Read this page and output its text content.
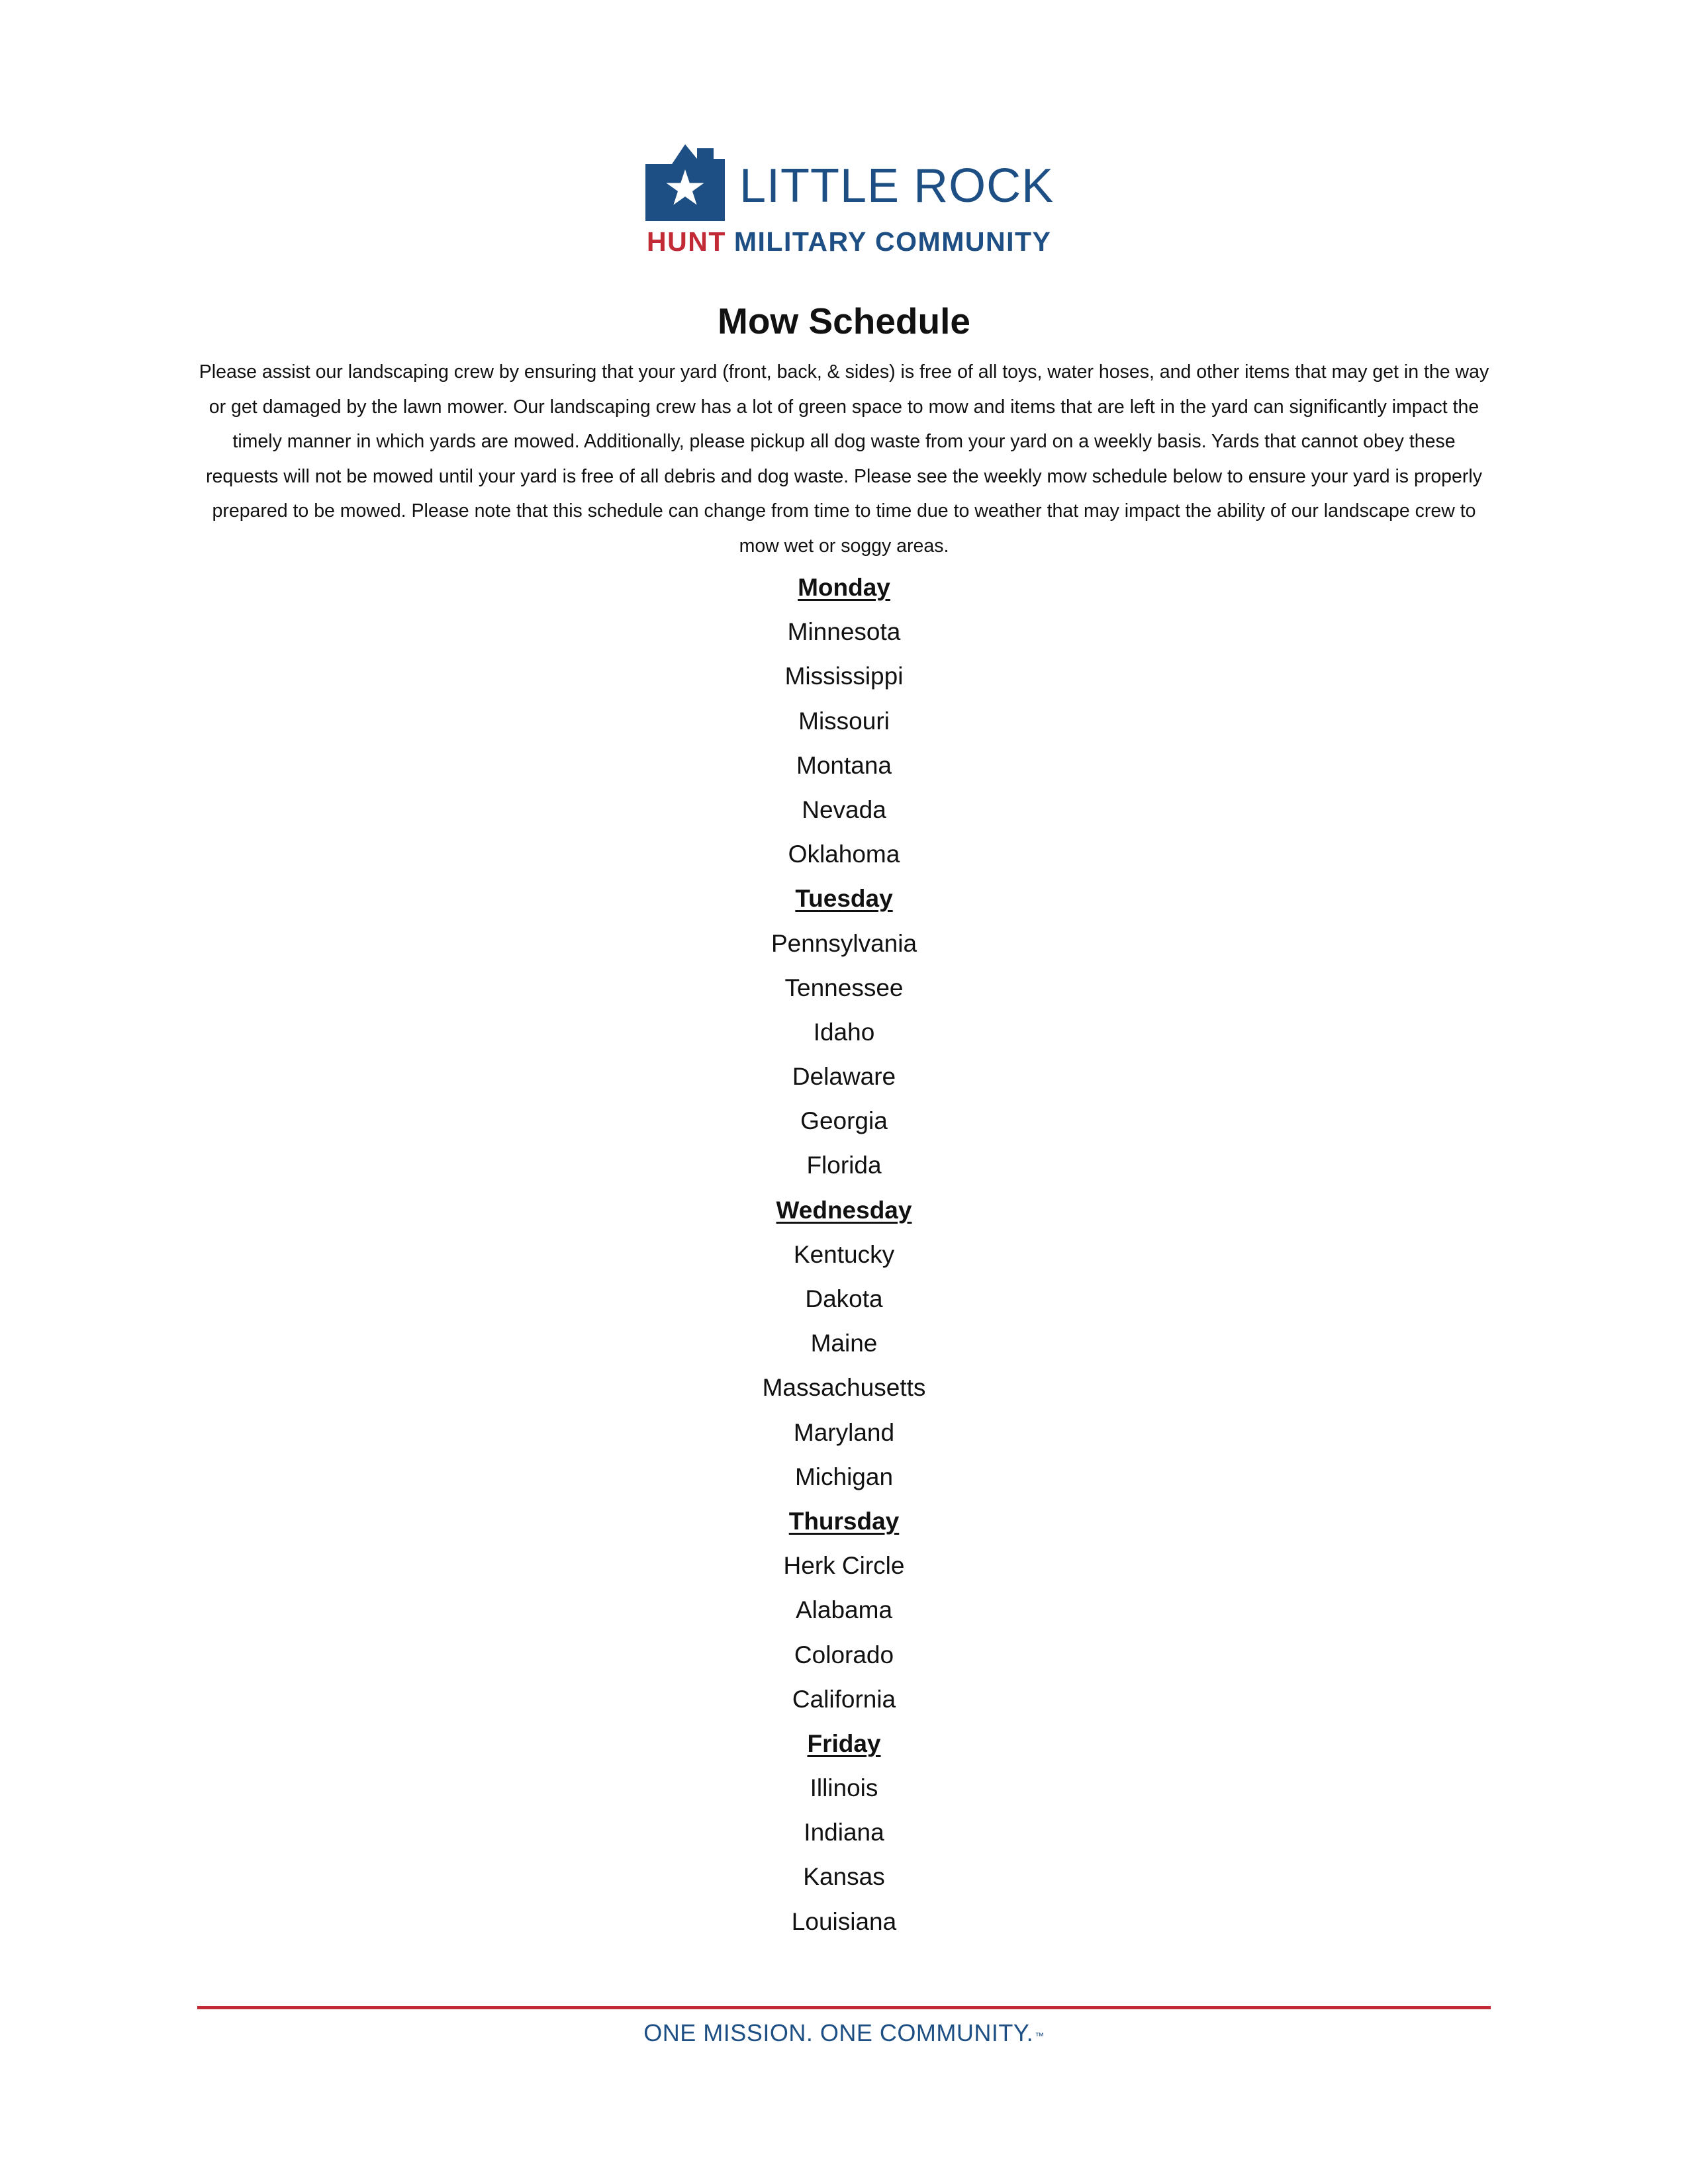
LITTLE ROCK
HUNT MILITARY COMMUNITY
Mow Schedule
Please assist our landscaping crew by ensuring that your yard (front, back, & sides) is free of all toys, water hoses, and other items that may get in the way or get damaged by the lawn mower. Our landscaping crew has a lot of green space to mow and items that are left in the yard can significantly impact the timely manner in which yards are mowed. Additionally, please pickup all dog waste from your yard on a weekly basis. Yards that cannot obey these requests will not be mowed until your yard is free of all debris and dog waste. Please see the weekly mow schedule below to ensure your yard is properly prepared to be mowed. Please note that this schedule can change from time to time due to weather that may impact the ability of our landscape crew to mow wet or soggy areas.
Monday
Minnesota
Mississippi
Missouri
Montana
Nevada
Oklahoma
Tuesday
Pennsylvania
Tennessee
Idaho
Delaware
Georgia
Florida
Wednesday
Kentucky
Dakota
Maine
Massachusetts
Maryland
Michigan
Thursday
Herk Circle
Alabama
Colorado
California
Friday
Illinois
Indiana
Kansas
Louisiana
ONE MISSION. ONE COMMUNITY. ™
